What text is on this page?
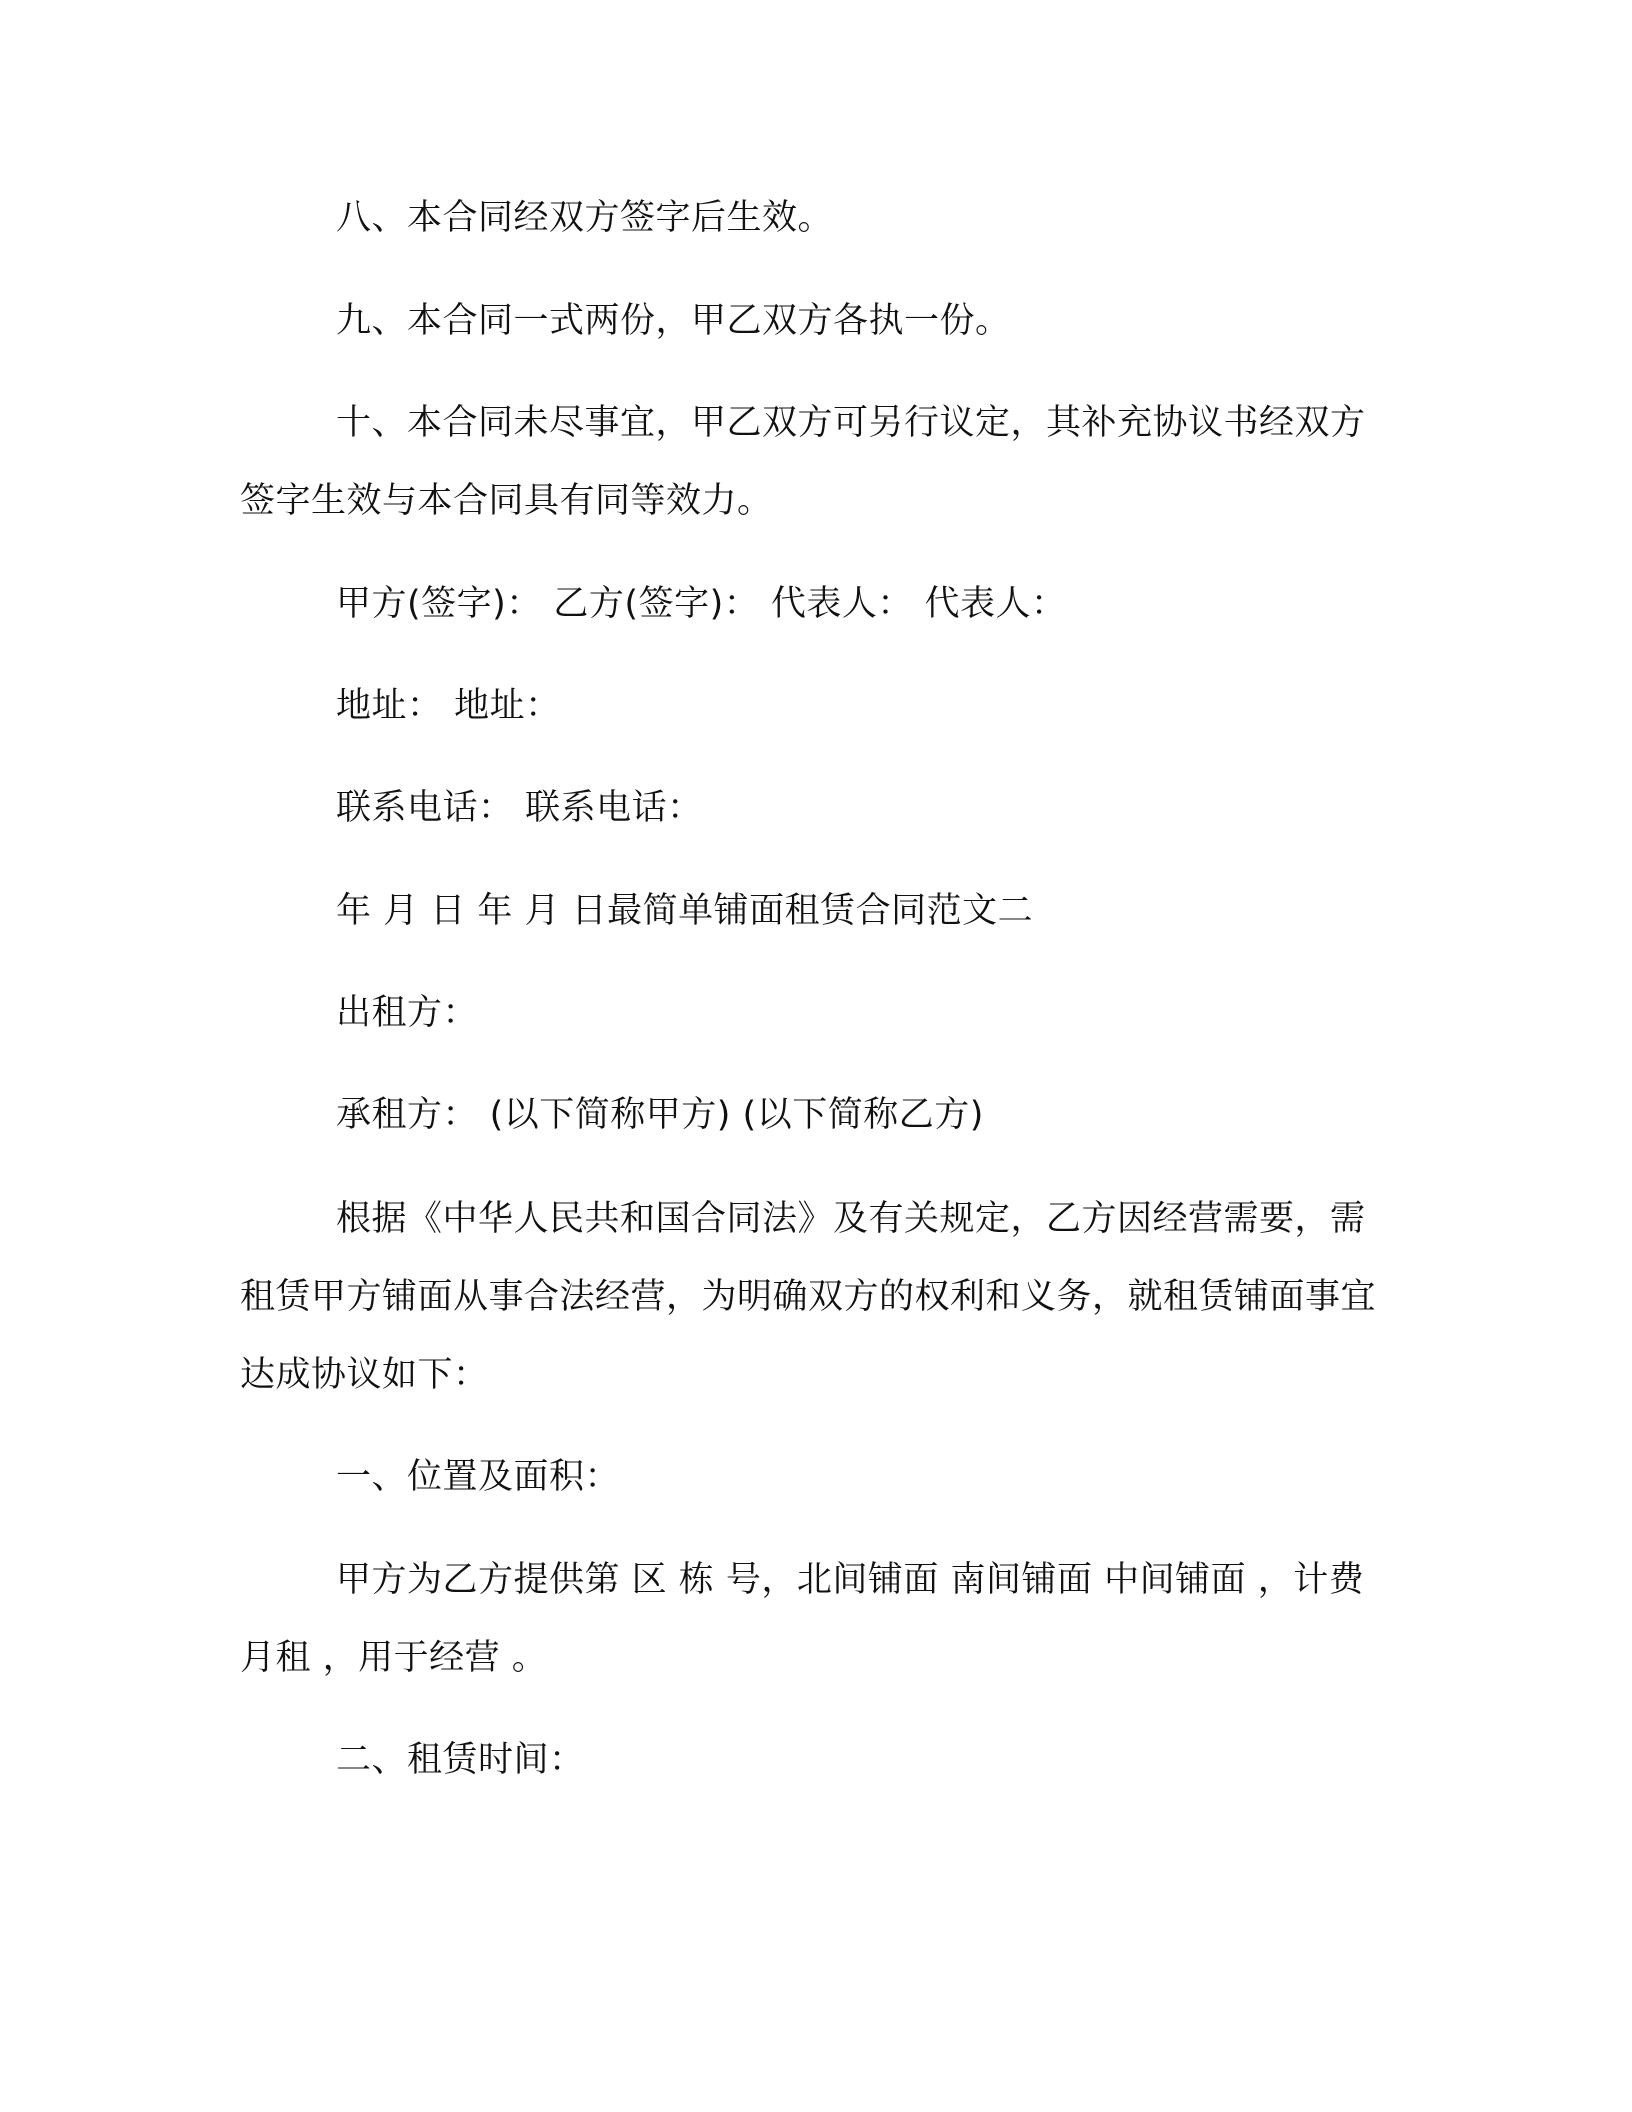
八、本合同经双方签字后生效。

九、本合同一式两份，甲乙双方各执一份。

十、本合同未尽事宜，甲乙双方可另行议定，其补充协议书经双方签字生效与本合同具有同等效力。

甲方(签字)： 乙方(签字)： 代表人： 代表人：

地址： 地址：

联系电话： 联系电话：

年 月 日 年 月 日最简单铺面租赁合同范文二

出租方：

承租方： (以下简称甲方) (以下简称乙方)

根据《中华人民共和国合同法》及有关规定，乙方因经营需要，需租赁甲方铺面从事合法经营，为明确双方的权利和义务，就租赁铺面事宜达成协议如下：

一、位置及面积：

甲方为乙方提供第 区 栋 号，北间铺面 南间铺面 中间铺面 ，计费月租 ，用于经营 。

二、租赁时间：
